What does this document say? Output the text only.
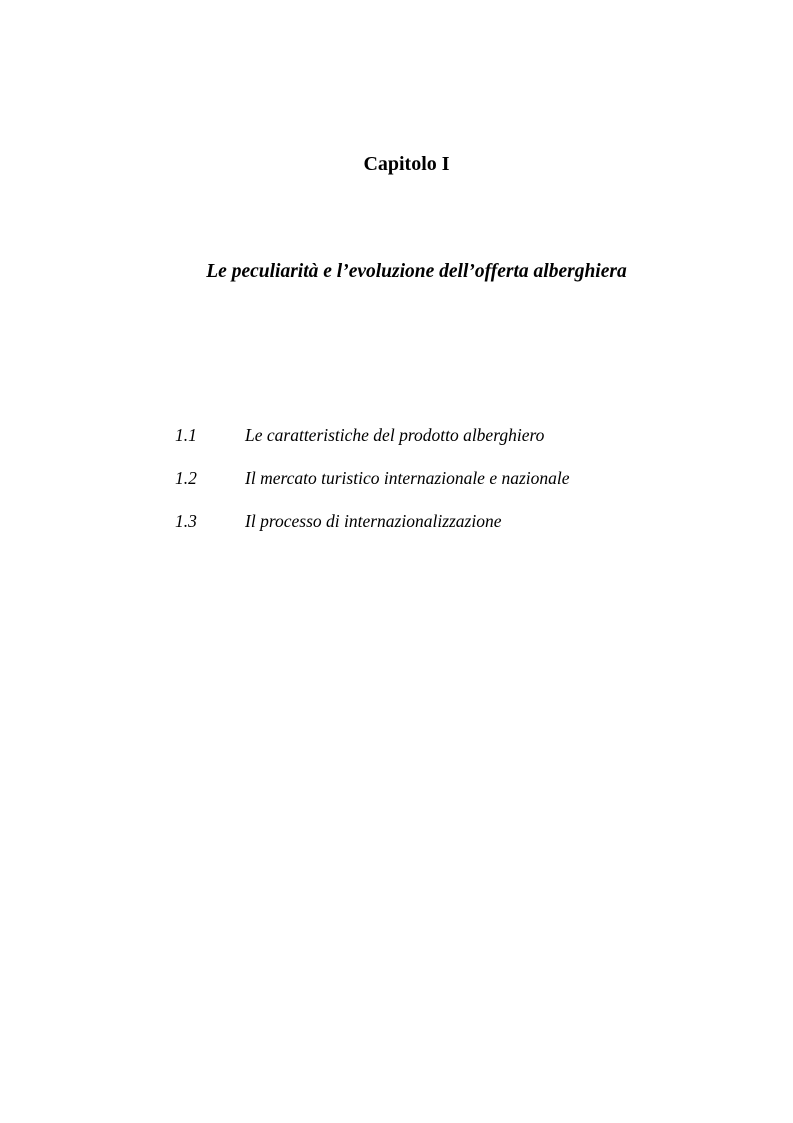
Capitolo I
Le peculiarità e l’evoluzione dell’offerta alberghiera
1.1	Le caratteristiche del prodotto alberghiero
1.2	Il mercato turistico internazionale e nazionale
1.3	Il processo di internazionalizzazione
